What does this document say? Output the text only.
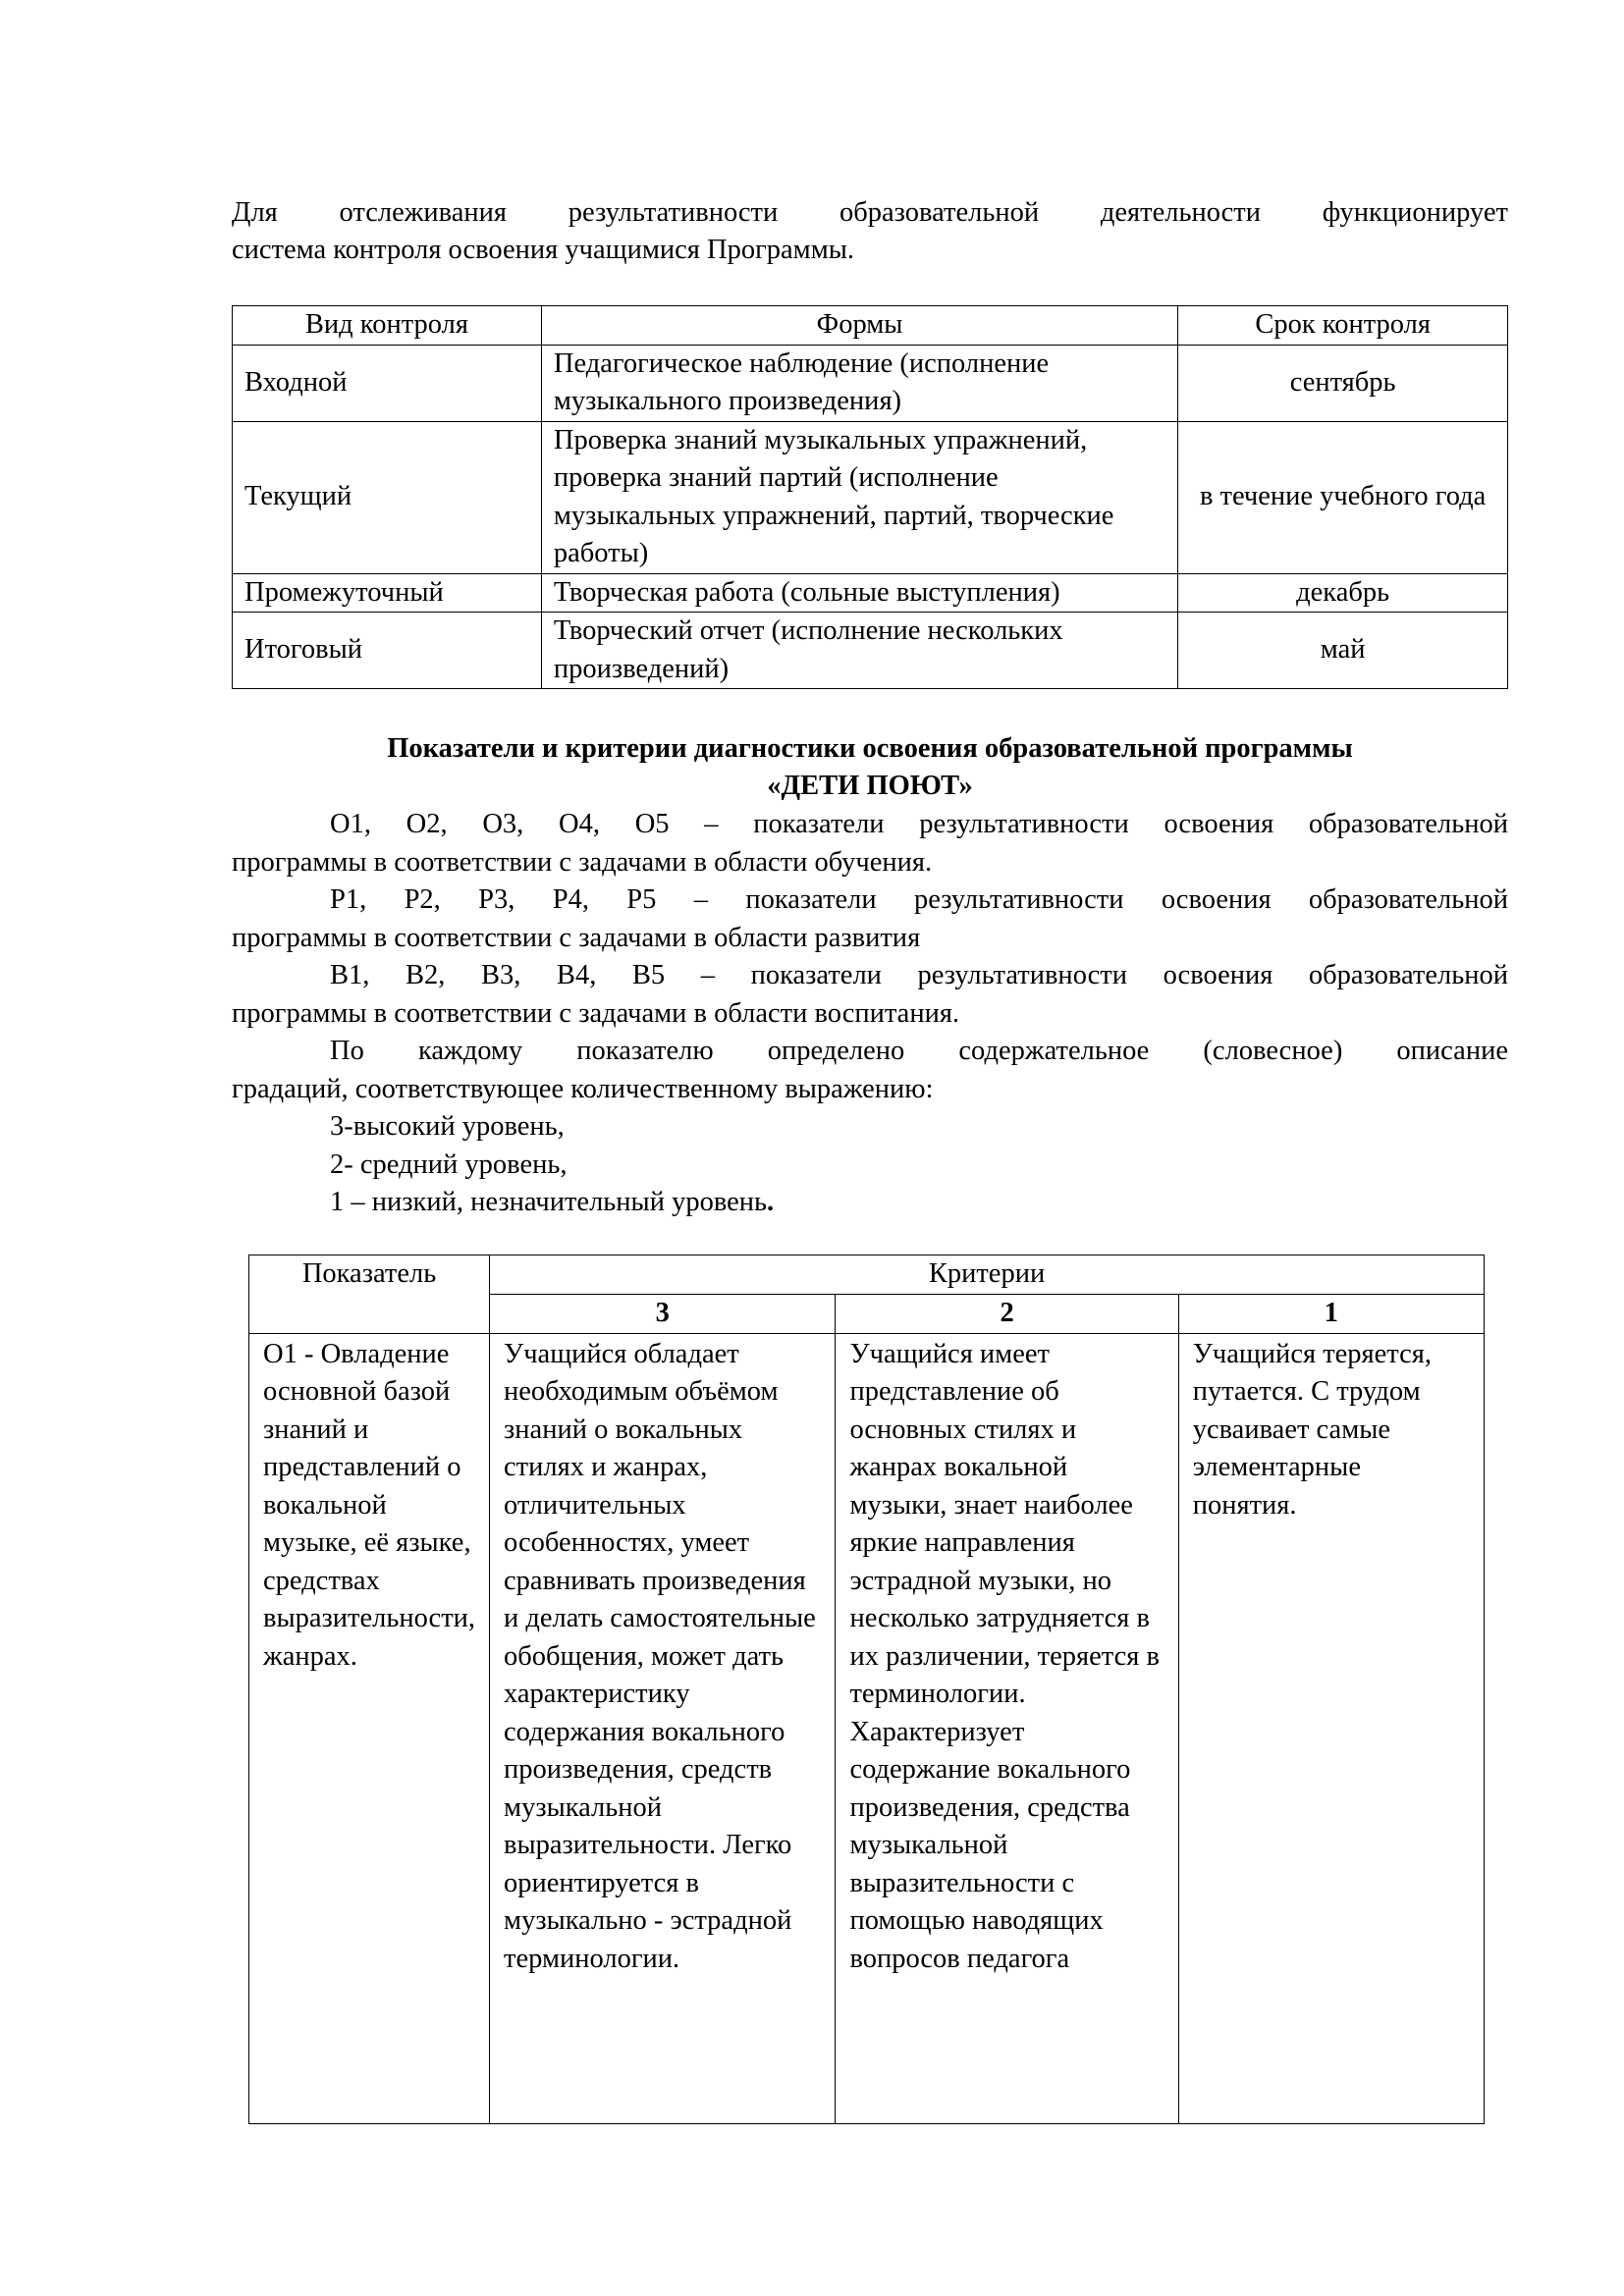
Для отслеживания результативности образовательной деятельности функционирует
система контроля освоения учащимися Программы.
Вид контроля	Формы	Срок контроля
Входной	Педагогическое наблюдение (исполнение музыкального произведения)	сентябрь
Текущий	Проверка знаний музыкальных упражнений, проверка знаний партий (исполнение музыкальных упражнений, партий, творческие работы)	в течение учебного года
Промежуточный	Творческая работа (сольные выступления)	декабрь
Итоговый	Творческий отчет (исполнение нескольких произведений)	май
Показатели и критерии диагностики освоения образовательной программы
«ДЕТИ ПОЮТ»
О1, О2, О3, О4, О5 – показатели результативности освоения образовательной
программы в соответствии с задачами в области обучения.
Р1, Р2, Р3, Р4, Р5 – показатели результативности освоения образовательной
программы в соответствии с задачами в области развития
В1, В2, В3, В4, В5 – показатели результативности освоения образовательной
программы в соответствии с задачами в области воспитания.
По каждому показателю определено содержательное (словесное) описание
градаций, соответствующее количественному выражению:
3-высокий уровень,
2- средний уровень,
1 – низкий, незначительный уровень.
Показатель	Критерии		
	3	2	1
О1 - Овладение основной базой знаний и представлений о вокальной музыке, её языке, средствах выразительности, жанрах.	Учащийся обладает необходимым объёмом знаний о вокальных стилях и жанрах, отличительных особенностях, умеет сравнивать произведения и делать самостоятельные обобщения, может дать характеристику содержания вокального произведения, средств музыкальной выразительности. Легко ориентируется в музыкально - эстрадной терминологии.	Учащийся имеет представление об основных стилях и жанрах вокальной музыки, знает наиболее яркие направления эстрадной музыки, но несколько затрудняется в их различении, теряется в терминологии. Характеризует содержание вокального произведения, средства музыкальной выразительности с помощью наводящих вопросов педагога	Учащийся теряется, путается. С трудом усваивает самые элементарные понятия.
